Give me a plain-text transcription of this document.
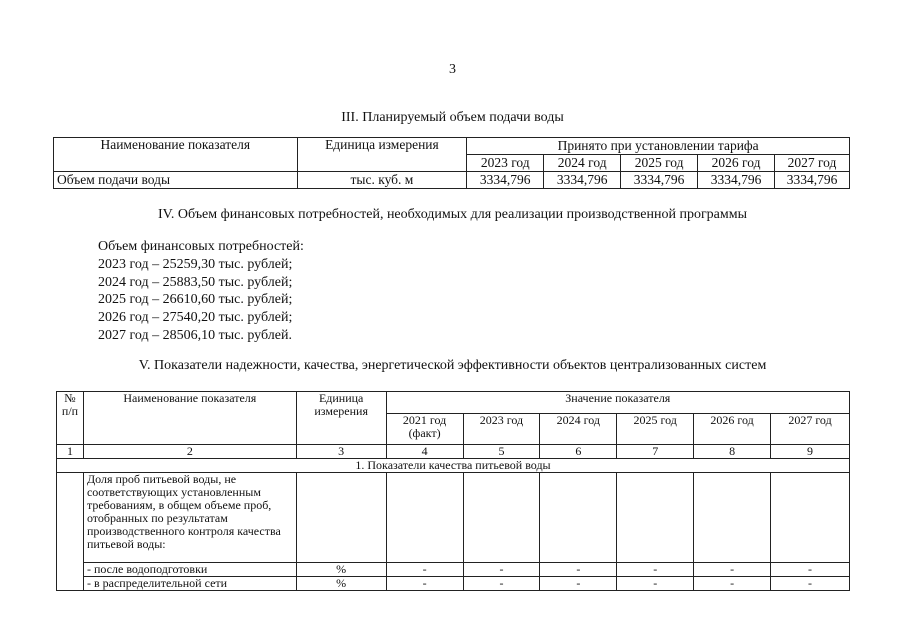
3
III. Планируемый объем подачи воды
Наименование показателя	Единица измерения	Принято при установлении тарифа				
		2023 год	2024 год	2025 год	2026 год	2027 год
Объем подачи воды	тыс. куб. м	3334,796	3334,796	3334,796	3334,796	3334,796
IV. Объем финансовых потребностей, необходимых для реализации производственной программы
Объем финансовых потребностей:
2023 год – 25259,30 тыс. рублей;
2024 год – 25883,50 тыс. рублей;
2025 год – 26610,60 тыс. рублей;
2026 год – 27540,20 тыс. рублей;
2027 год – 28506,10 тыс. рублей.
V. Показатели надежности, качества, энергетической эффективности объектов централизованных систем
№ п/п	Наименование показателя	Единица измерения	Значение показателя					
			2021 год (факт)	2023 год	2024 год	2025 год	2026 год	2027 год
1	2	3	4	5	6	7	8	9
1. Показатели качества питьевой воды								
	Доля проб питьевой воды, не соответствующих установленным требованиям, в общем объеме проб, отобранных по результатам производственного контроля качества питьевой воды:							
	- после водоподготовки	%	-	-	-	-	-	-
	- в распределительной сети	%	-	-	-	-	-	-
